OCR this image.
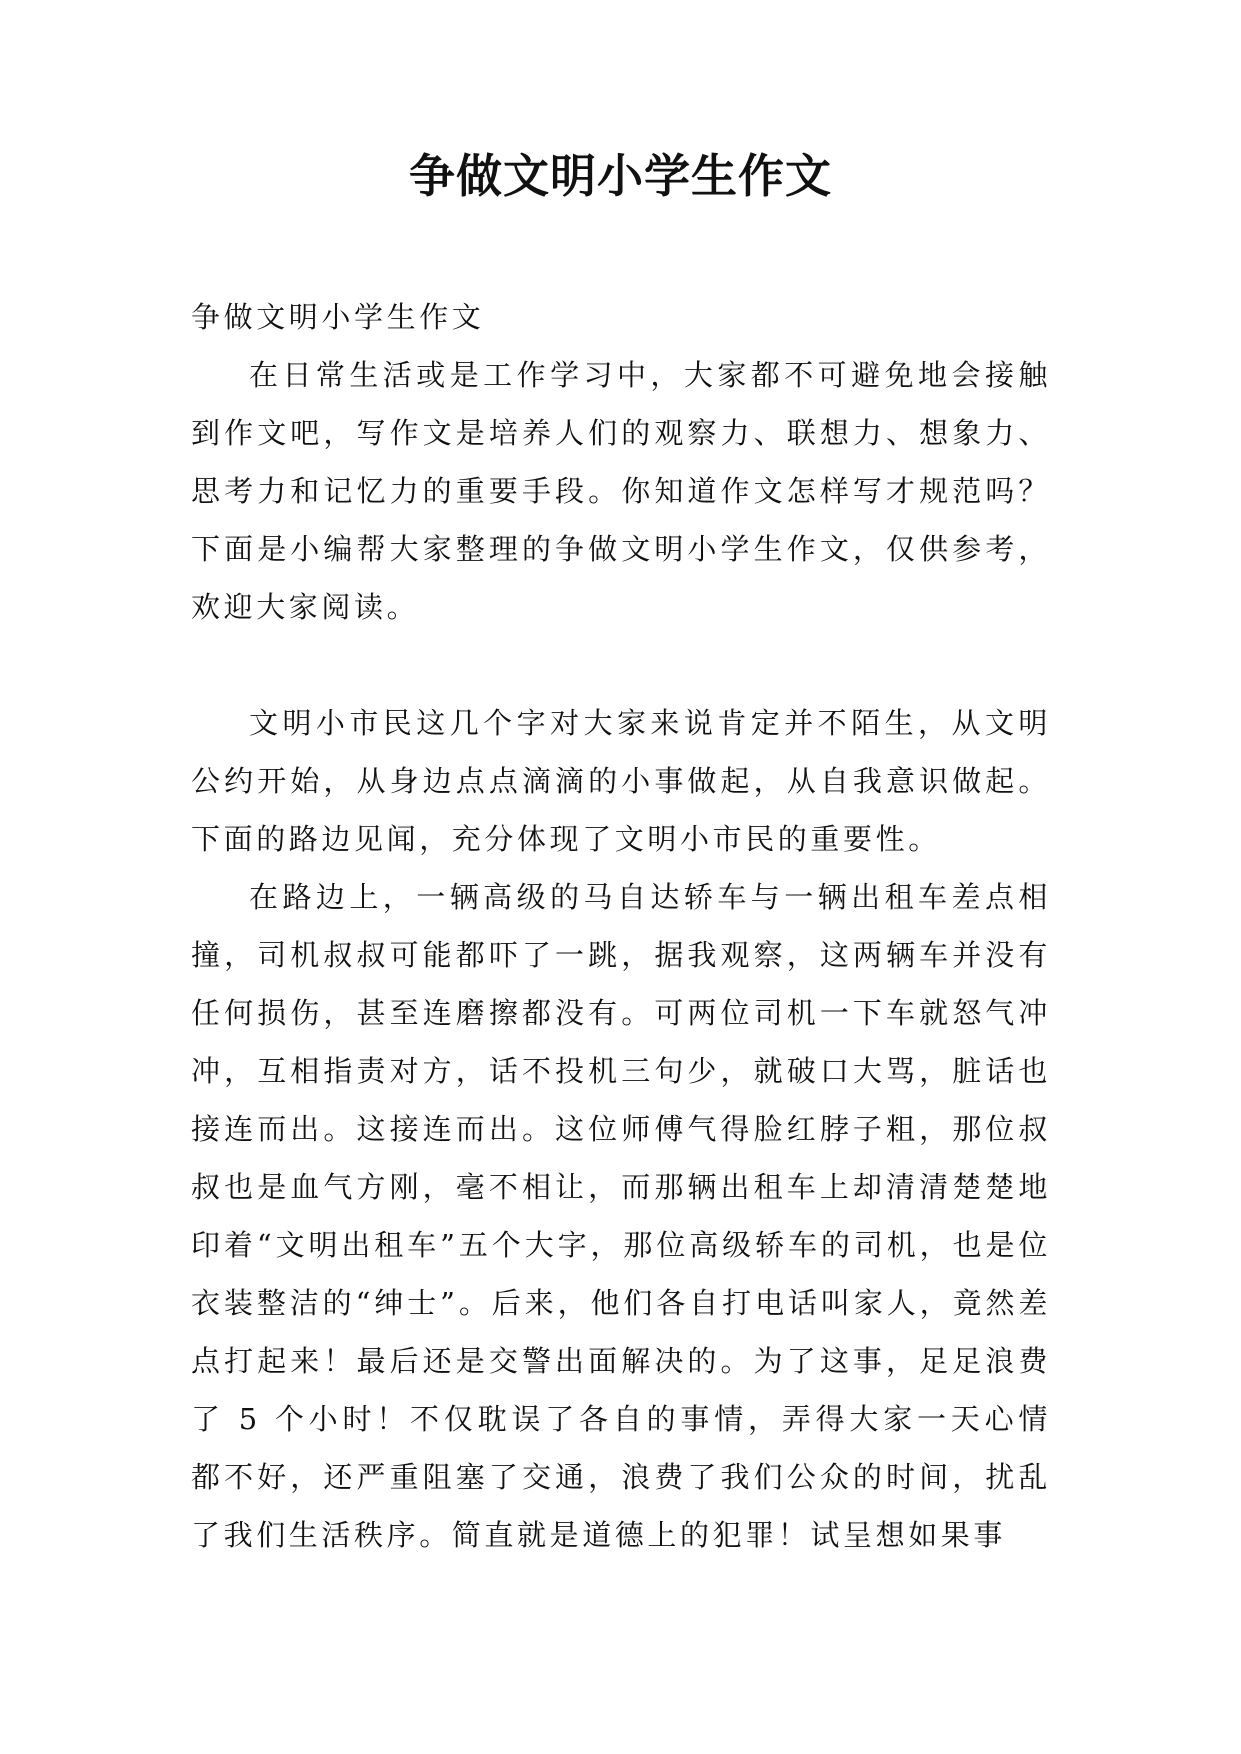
争做文明小学生作文

争做文明小学生作文

在日常生活或是工作学习中，大家都不可避免地会接触到作文吧，写作文是培养人们的观察力、联想力、想象力、思考力和记忆力的重要手段。你知道作文怎样写才规范吗？下面是小编帮大家整理的争做文明小学生作文，仅供参考，欢迎大家阅读。

文明小市民这几个字对大家来说肯定并不陌生，从文明公约开始，从身边点点滴滴的小事做起，从自我意识做起。下面的路边见闻，充分体现了文明小市民的重要性。

在路边上，一辆高级的马自达轿车与一辆出租车差点相撞，司机叔叔可能都吓了一跳，据我观察，这两辆车并没有任何损伤，甚至连磨擦都没有。可两位司机一下车就怒气冲冲，互相指责对方，话不投机三句少，就破口大骂，脏话也接连而出。这接连而出。这位师傅气得脸红脖子粗，那位叔叔也是血气方刚，毫不相让，而那辆出租车上却清清楚楚地印着“文明出租车”五个大字，那位高级轿车的司机，也是位衣装整洁的“绅士”。后来，他们各自打电话叫家人，竟然差点打起来！最后还是交警出面解决的。为了这事，足足浪费了 5 个小时！不仅耽误了各自的事情，弄得大家一天心情都不好，还严重阻塞了交通，浪费了我们公众的时间，扰乱了我们生活秩序。简直就是道德上的犯罪！试呈想如果事
